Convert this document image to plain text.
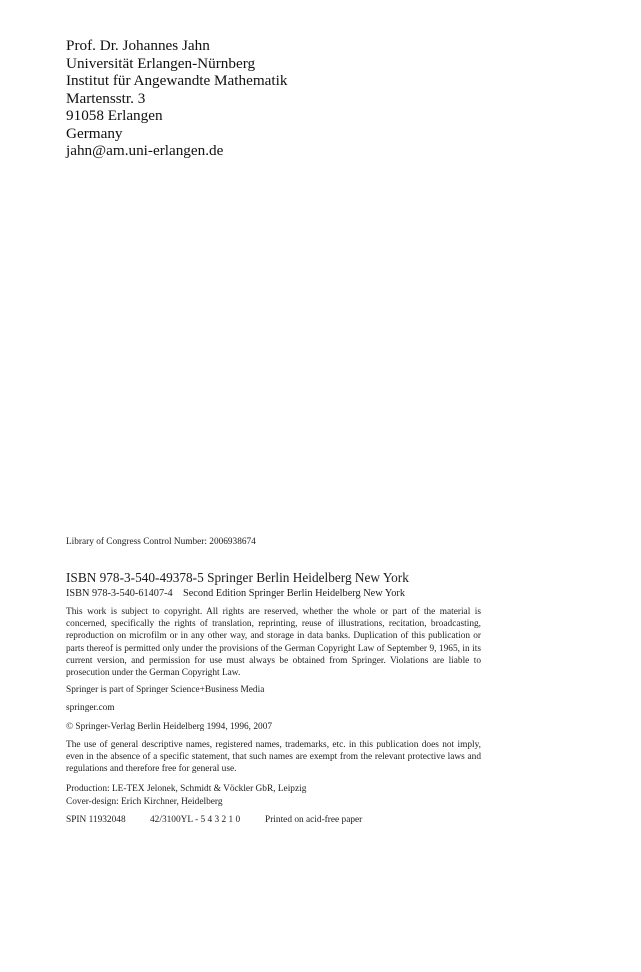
Prof. Dr. Johannes Jahn
Universität Erlangen-Nürnberg
Institut für Angewandte Mathematik
Martensstr. 3
91058 Erlangen
Germany
jahn@am.uni-erlangen.de
Library of Congress Control Number: 2006938674
ISBN 978-3-540-49378-5 Springer Berlin Heidelberg New York
ISBN 978-3-540-61407-4    Second Edition Springer Berlin Heidelberg New York
This work is subject to copyright. All rights are reserved, whether the whole or part of the material is concerned, specifically the rights of translation, reprinting, reuse of illustrations, recitation, broadcasting, reproduction on microfilm or in any other way, and storage in data banks. Duplication of this publication or parts thereof is permitted only under the provisions of the German Copyright Law of September 9, 1965, in its current version, and permission for use must always be obtained from Springer. Violations are liable to prosecution under the German Copyright Law.
Springer is part of Springer Science+Business Media
springer.com
© Springer-Verlag Berlin Heidelberg 1994, 1996, 2007
The use of general descriptive names, registered names, trademarks, etc. in this publication does not imply, even in the absence of a specific statement, that such names are exempt from the relevant protective laws and regulations and therefore free for general use.
Production: LE-TEX Jelonek, Schmidt & Vöckler GbR, Leipzig
Cover-design: Erich Kirchner, Heidelberg
SPIN 11932048	42/3100YL - 5 4 3 2 1 0	Printed on acid-free paper
